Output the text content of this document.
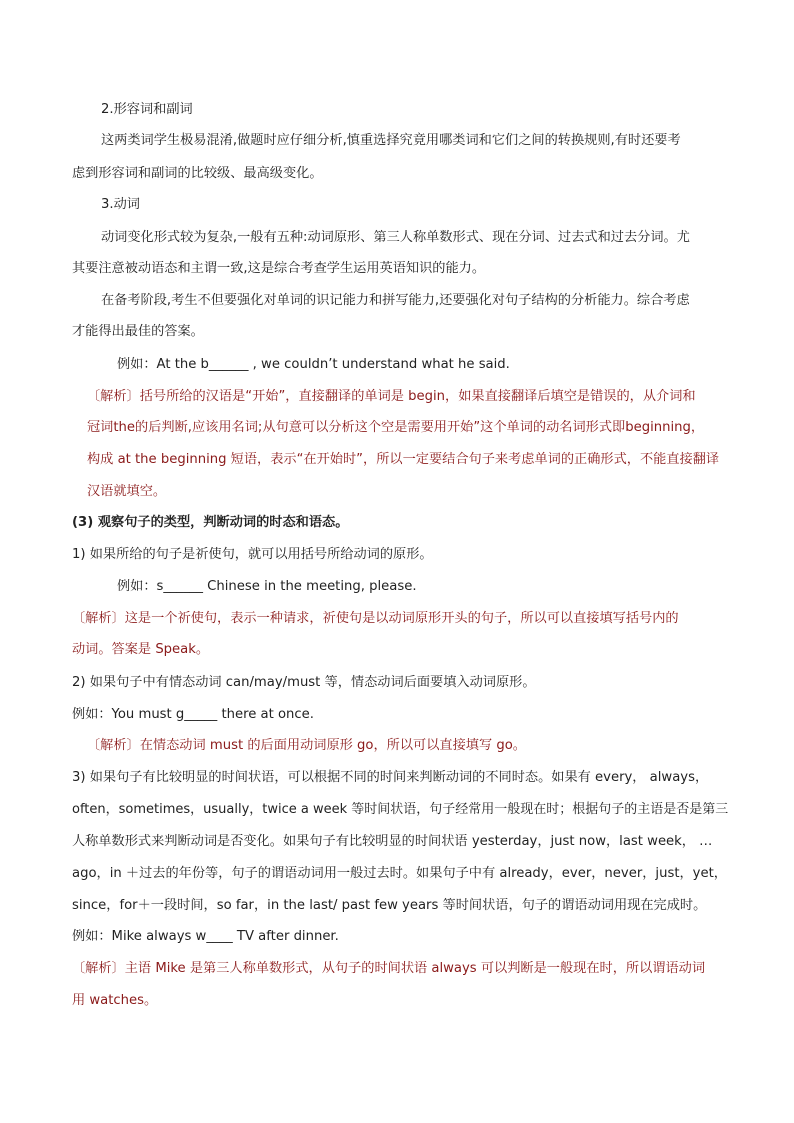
2.形容词和副词
这两类词学生极易混淆,做题时应仔细分析,慎重选择究竟用哪类词和它们之间的转换规则,有时还要考
虑到形容词和副词的比较级、最高级变化。
3.动词
动词变化形式较为复杂,一般有五种:动词原形、第三人称单数形式、现在分词、过去式和过去分词。尤
其要注意被动语态和主谓一致,这是综合考查学生运用英语知识的能力。
在备考阶段,考生不但要强化对单词的识记能力和拼写能力,还要强化对句子结构的分析能力。综合考虑
才能得出最佳的答案。
例如：At the b______ , we couldn’t understand what he said.
〔解析〕括号所给的汉语是“开始”，直接翻译的单词是 begin，如果直接翻译后填空是错误的，从介词和
冠词the的后判断,应该用名词;从句意可以分析这个空是需要用开始”这个单词的动名词形式即beginning，
构成 at the beginning 短语，表示“在开始时”，所以一定要结合句子来考虑单词的正确形式，不能直接翻译
汉语就填空。
(3) 观察句子的类型，判断动词的时态和语态。
1) 如果所给的句子是祈使句，就可以用括号所给动词的原形。
例如：s______ Chinese in the meeting, please.
〔解析〕这是一个祈使句，表示一种请求，祈使句是以动词原形开头的句子，所以可以直接填写括号内的
动词。答案是 Speak。
2) 如果句子中有情态动词 can/may/must 等，情态动词后面要填入动词原形。
例如：You must g_____ there at once.
〔解析〕在情态动词 must 的后面用动词原形 go，所以可以直接填写 go。
3) 如果句子有比较明显的时间状语，可以根据不同的时间来判断动词的不同时态。如果有 every， always，
often，sometimes，usually，twice a week 等时间状语，句子经常用一般现在时；根据句子的主语是否是第三
人称单数形式来判断动词是否变化。如果句子有比较明显的时间状语 yesterday，just now，last week， …
ago，in ＋过去的年份等，句子的谓语动词用一般过去时。如果句子中有 already，ever，never，just，yet，
since，for＋一段时间，so far，in the last/ past few years 等时间状语，句子的谓语动词用现在完成时。
例如：Mike always w____ TV after dinner.
〔解析〕主语 Mike 是第三人称单数形式，从句子的时间状语 always 可以判断是一般现在时，所以谓语动词
用 watches。
